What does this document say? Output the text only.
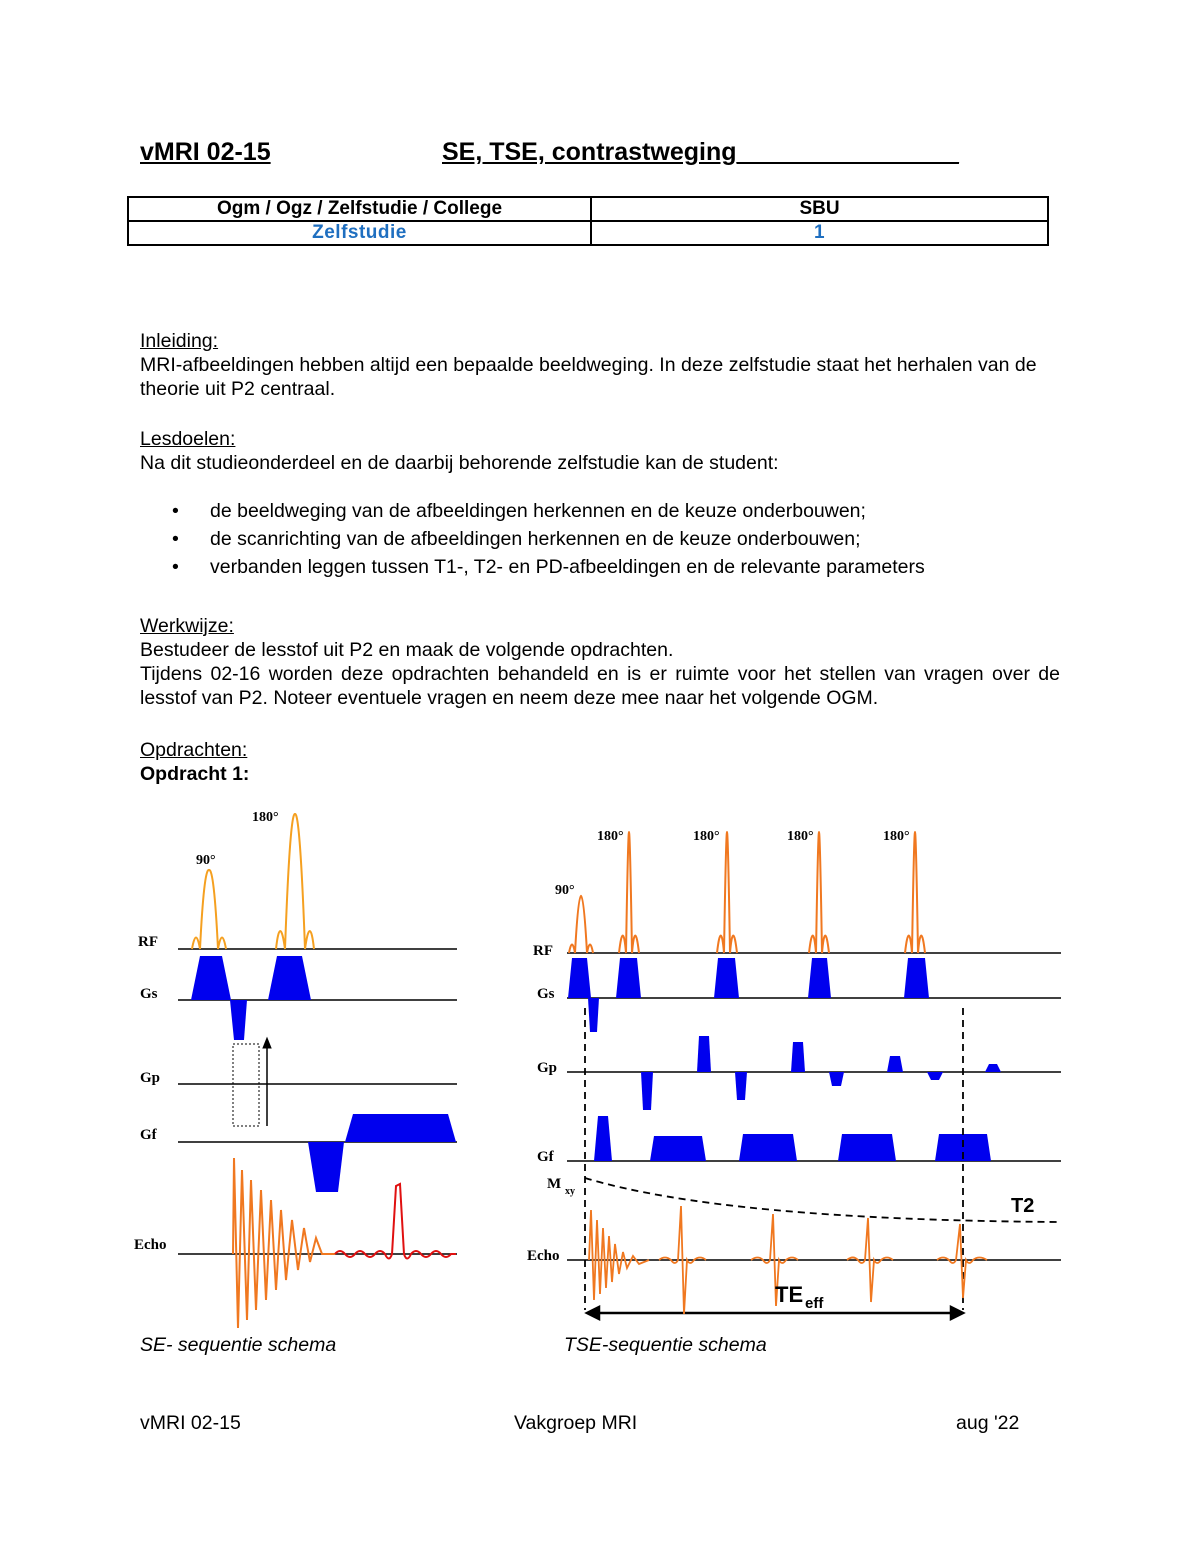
vMRI 02-15	SE, TSE, contrastweging________________
Ogm / Ogz / Zelfstudie / College	SBU
Zelfstudie	1
Inleiding:
MRI-afbeeldingen hebben altijd een bepaalde beeldweging. In deze zelfstudie staat het herhalen van de theorie uit P2 centraal.
Lesdoelen:
Na dit studieonderdeel en de daarbij behorende zelfstudie kan de student:
• de beeldweging van de afbeeldingen herkennen en de keuze onderbouwen;
• de scanrichting van de afbeeldingen herkennen en de keuze onderbouwen;
• verbanden leggen tussen T1-, T2- en PD-afbeeldingen en de relevante parameters
Werkwijze:
Bestudeer de lesstof uit P2 en maak de volgende opdrachten.
Tijdens 02-16 worden deze opdrachten behandeld en is er ruimte voor het stellen van vragen over de lesstof van P2. Noteer eventuele vragen en neem deze mee naar het volgende OGM.
Opdrachten:
Opdracht 1:
RF
Gs
Gp
Gf
Echo
90°
180°
RF
Gs
Gp
Gf
Echo
M xy
90°
180°	180°	180°	180°
T2
TE eff
SE- sequentie schema	TSE-sequentie schema
vMRI 02-15	Vakgroep MRI	aug '22
